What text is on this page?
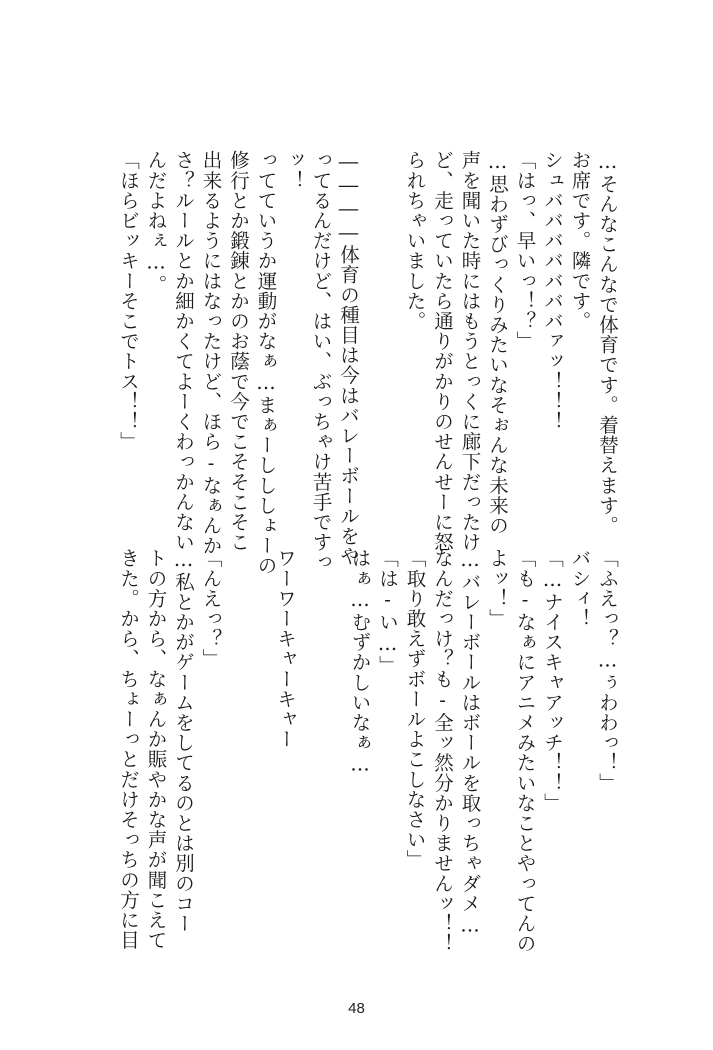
…そんなこんなで体育です。着替えます。
お席です。隣です。
シュバババババババァッ！！！
「はっ、早いっ！？」
…思わずびっくりみたいなそぉんな未来の
声を聞いた時にはもうとっくに廊下だったけ
ど、走っていたら通りがかりのせんせーに怒
られちゃいました。
――――体育の種目は今はバレーボールをや
ってるんだけど、はい、ぶっちゃけ苦手ですっ
ッ！
ってていうか運動がなぁ…まぁーしししょーの
修行とか鍛錬とかのお蔭で今でこそそこそこ
出来るようにはなったけど、ほら-なぁんか
さ？ルールとか細かくてよーくわっかんない
んだよねぇ…。
「ほらビッキーそこでトス！！」
「ふえっ？…ぅわわっ！」
バシィ！
「…ナイスキャアッチ！！」
「も-なぁにアニメみたいなことやってんの
よッ！」
…バレーボールはボールを取っちゃダメ…
なんだっけ？も-全ッ然分かりませんッ！！
「取り敢えずボールよこしなさい」
「は-い…」
はぁ…むずかしいなぁ…
ワーワーキャーキャー
「んえっ？」
…私とかがゲームをしてるのとは別のコー
トの方から、なぁんか賑やかな声が聞こえて
きた。から、ちょーっとだけそっちの方に目
48
